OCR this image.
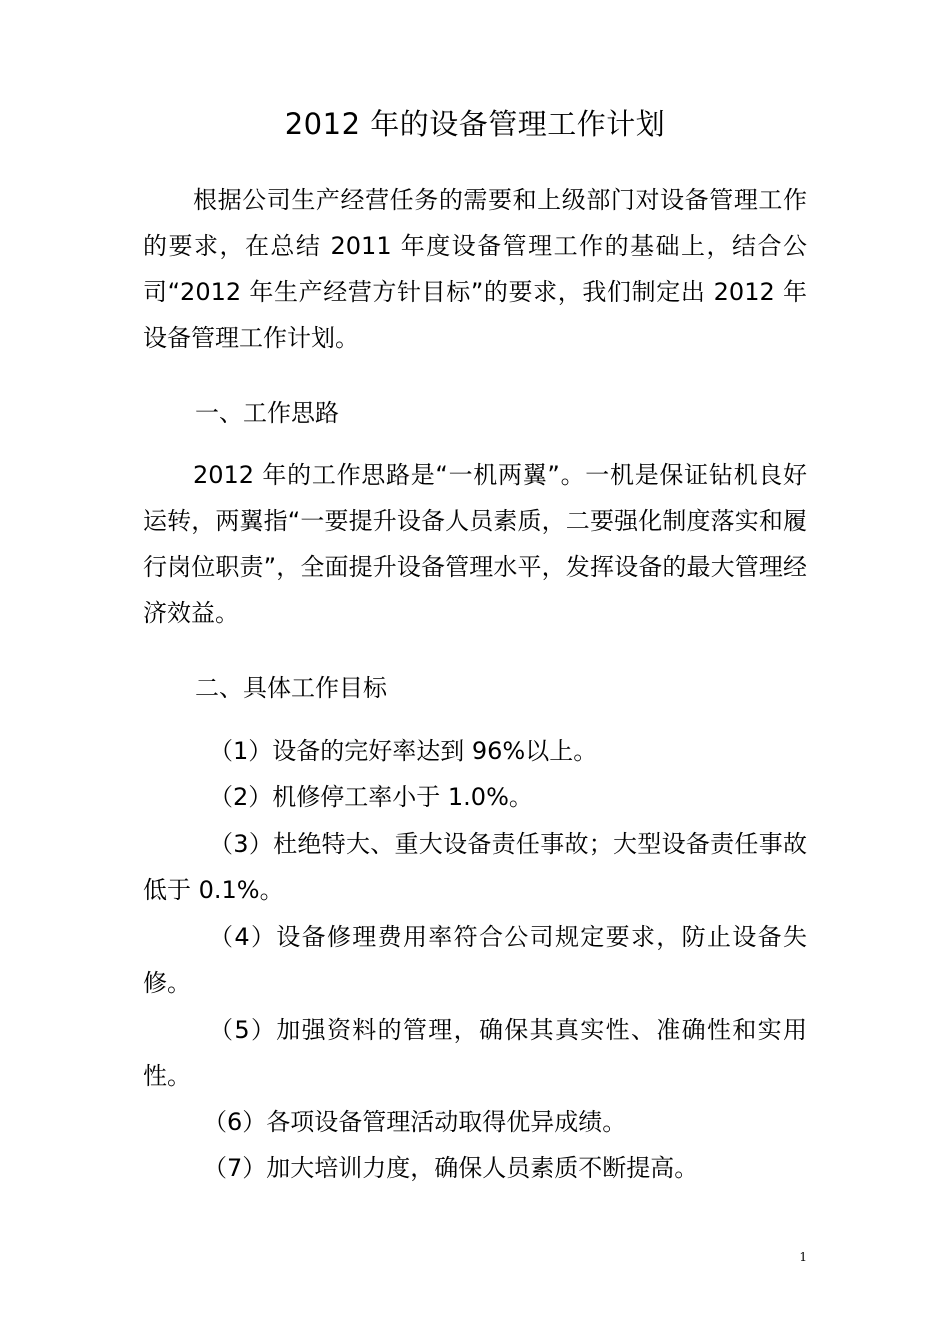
2012 年的设备管理工作计划

根据公司生产经营任务的需要和上级部门对设备管理工作的要求，在总结 2011 年度设备管理工作的基础上，结合公司“2012 年生产经营方针目标”的要求，我们制定出 2012 年设备管理工作计划。

一、工作思路

2012 年的工作思路是“一机两翼”。一机是保证钻机良好运转，两翼指“一要提升设备人员素质，二要强化制度落实和履行岗位职责”，全面提升设备管理水平，发挥设备的最大管理经济效益。

二、具体工作目标

（1）设备的完好率达到 96%以上。

（2）机修停工率小于 1.0%。

（3）杜绝特大、重大设备责任事故；大型设备责任事故低于 0.1%。

（4）设备修理费用率符合公司规定要求，防止设备失修。

（5）加强资料的管理，确保其真实性、准确性和实用性。

（6）各项设备管理活动取得优异成绩。

（7）加大培训力度，确保人员素质不断提高。

1
